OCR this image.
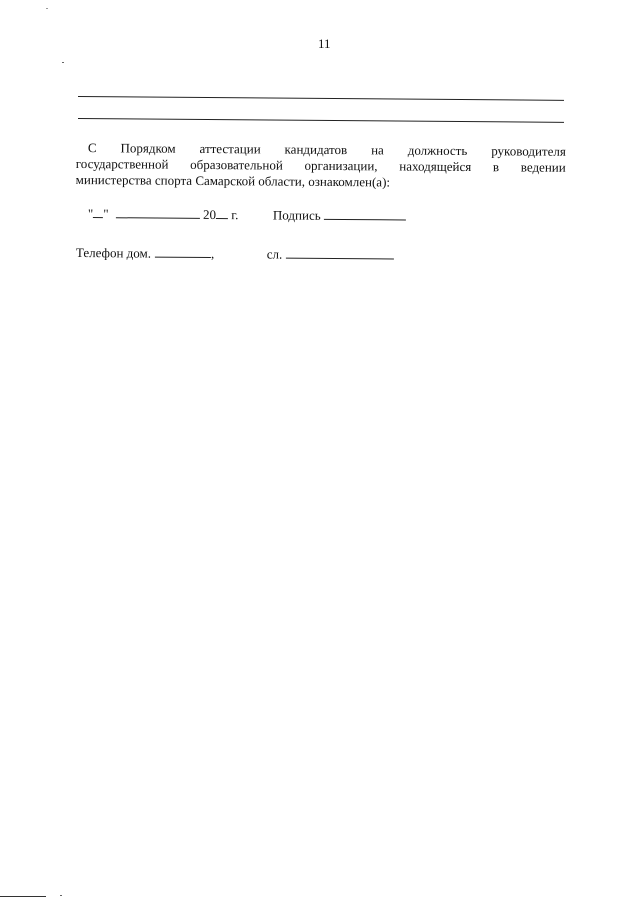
11
С Порядком аттестации кандидатов на должность руководителя
государственной образовательной организации, находящейся в ведении
министерства спорта Самарской области, ознакомлен(а):
" "	20 г.	Подпись
Телефон дом.	,	сл.
